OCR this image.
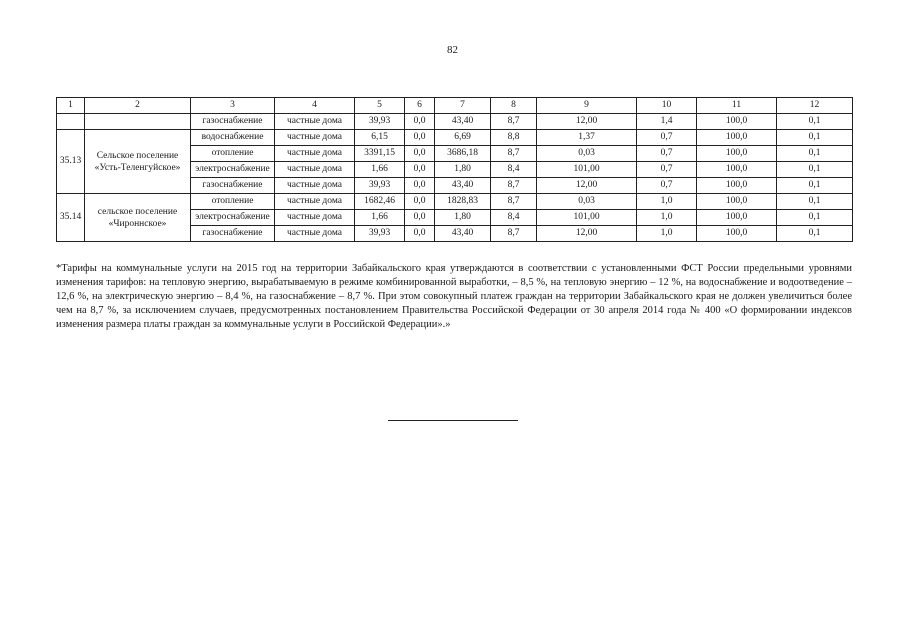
82
1	2	3	4	5	6	7	8	9	10	11	12
		газоснабжение	частные дома	39,93	0,0	43,40	8,7	12,00	1,4	100,0	0,1
35.13	Сельское поселение «Усть-Теленгуйское»	водоснабжение	частные дома	6,15	0,0	6,69	8,8	1,37	0,7	100,0	0,1
		отопление	частные дома	3391,15	0,0	3686,18	8,7	0,03	0,7	100,0	0,1
		электроснабжение	частные дома	1,66	0,0	1,80	8,4	101,00	0,7	100,0	0,1
		газоснабжение	частные дома	39,93	0,0	43,40	8,7	12,00	0,7	100,0	0,1
35.14	сельское поселение «Чироннское»	отопление	частные дома	1682,46	0,0	1828,83	8,7	0,03	1,0	100,0	0,1
		электроснабжение	частные дома	1,66	0,0	1,80	8,4	101,00	1,0	100,0	0,1
		газоснабжение	частные дома	39,93	0,0	43,40	8,7	12,00	1,0	100,0	0,1
*Тарифы на коммунальные услуги на 2015 год на территории Забайкальского края утверждаются в соответствии с установленными ФСТ России предельными уровнями изменения тарифов: на тепловую энергию, вырабатываемую в режиме комбинированной выработки, – 8,5 %, на тепловую энергию – 12 %, на водоснабжение и водоотведение – 12,6 %, на электрическую энергию – 8,4 %, на газоснабжение – 8,7 %. При этом совокупный платеж граждан на территории Забайкальского края не должен увеличиться более чем на 8,7 %, за исключением случаев, предусмотренных постановлением Правительства Российской Федерации от 30 апреля 2014 года № 400 «О формировании индексов изменения размера платы граждан за коммунальные услуги в Российской Федерации».»
